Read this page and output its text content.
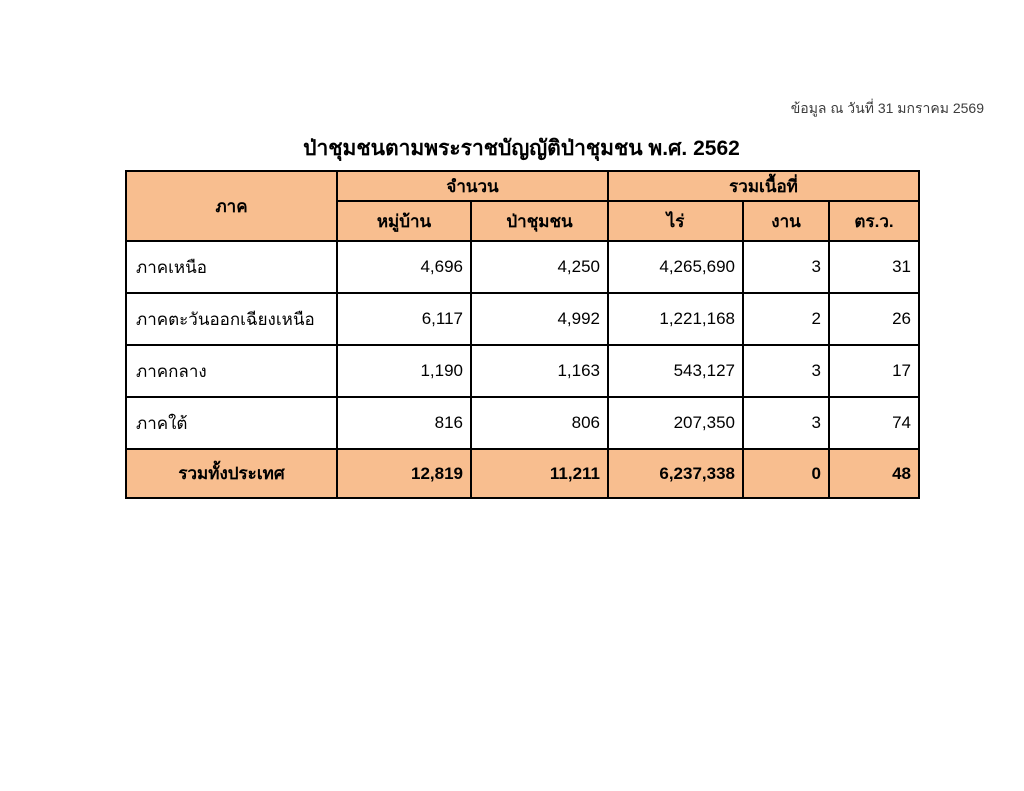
ข้อมูล ณ วันที่ 31 มกราคม 2569
ป่าชุมชนตามพระราชบัญญัติป่าชุมชน พ.ศ. 2562
ภาค	จำนวน		รวมเนื้อที่		
	หมู่บ้าน	ป่าชุมชน	ไร่	งาน	ตร.ว.
ภาคเหนือ	4,696	4,250	4,265,690	3	31
ภาคตะวันออกเฉียงเหนือ	6,117	4,992	1,221,168	2	26
ภาคกลาง	1,190	1,163	543,127	3	17
ภาคใต้	816	806	207,350	3	74
รวมทั้งประเทศ	12,819	11,211	6,237,338	0	48
